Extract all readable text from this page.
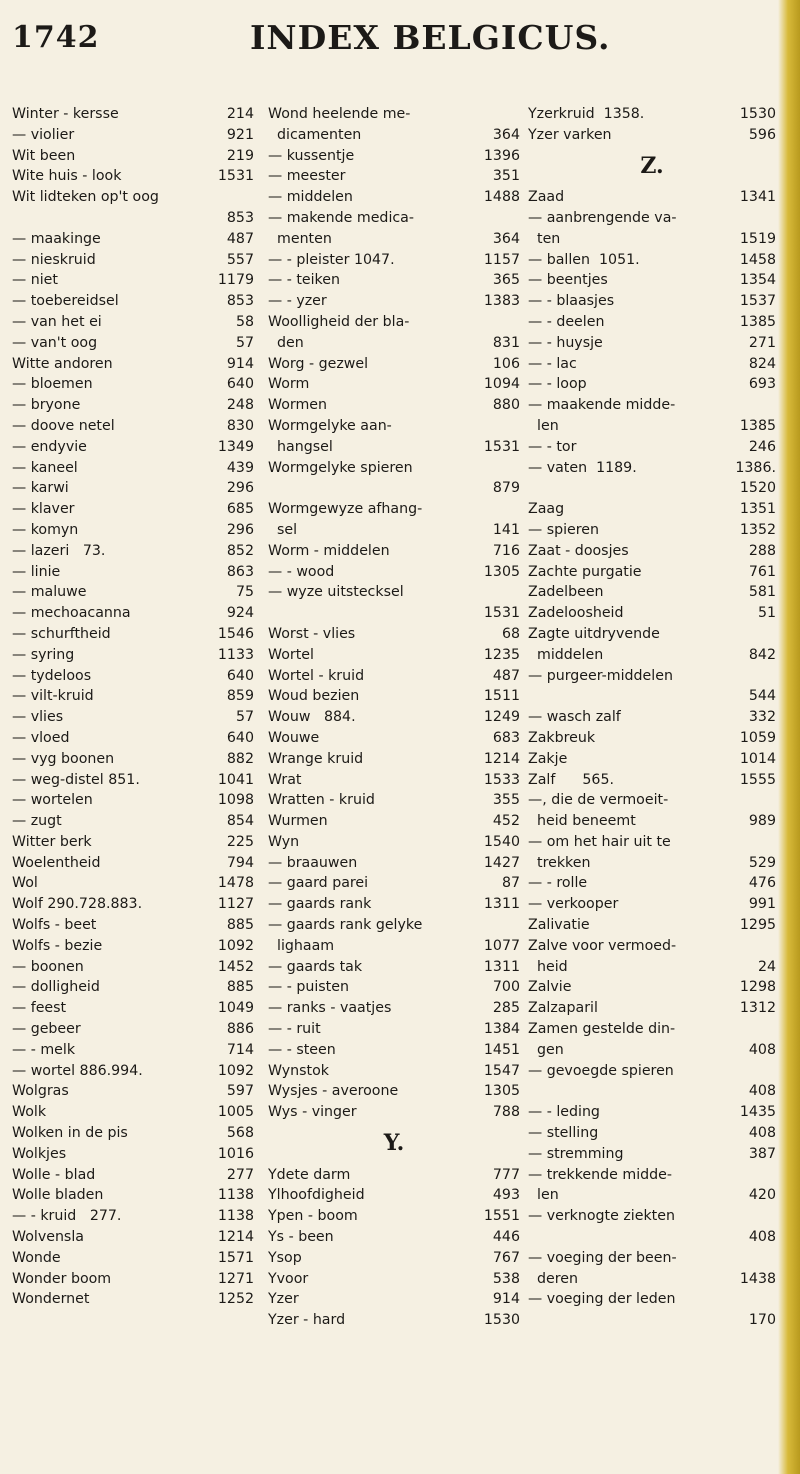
1742	INDEX BELGICUS.
Winter - kersse	214
— violier	921
Wit been	219
Wite huis - look	1531
Wit lidteken op't oog
853
— maakinge	487
— nieskruid	557
— niet	1179
— toebereidsel	853
— van het ei	58
— van't oog	57
Witte andoren	914
— bloemen	640
— bryone	248
— doove netel	830
— endyvie	1349
— kaneel	439
— karwi	296
— klaver	685
— komyn	296
— lazeri   73.	852
— linie	863
— maluwe	75
— mechoacanna	924
— schurftheid	1546
— syring	1133
— tydeloos	640
— vilt-kruid	859
— vlies	57
— vloed	640
— vyg boonen	882
— weg-distel 851.	1041
— wortelen	1098
— zugt	854
Witter berk	225
Woelentheid	794
Wol	1478
Wolf 290.728.883.	1127
Wolfs - beet	885
Wolfs - bezie	1092
— boonen	1452
— dolligheid	885
— feest	1049
— gebeer	886
— - melk	714
— wortel 886.994.	1092
Wolgras	597
Wolk	1005
Wolken in de pis	568
Wolkjes	1016
Wolle - blad	277
Wolle bladen	1138
— - kruid   277.	1138
Wolvensla	1214
Wonde	1571
Wonder boom	1271
Wondernet	1252
Wond heelende me-
dicamenten	364
— kussentje	1396
— meester	351
— middelen	1488
— makende medica-
menten	364
— - pleister 1047.	1157
— - teiken	365
— - yzer	1383
Woolligheid der bla-
den	831
Worg - gezwel	106
Worm	1094
Wormen	880
Wormgelyke aan-
hangsel	1531
Wormgelyke spieren
879
Wormgewyze afhang-
sel	141
Worm - middelen	716
— - wood	1305
— wyze uitstecksel
1531
Worst - vlies	68
Wortel	1235
Wortel - kruid	487
Woud bezien	1511
Wouw   884.	1249
Wouwe	683
Wrange kruid	1214
Wrat	1533
Wratten - kruid	355
Wurmen	452
Wyn	1540
— braauwen	1427
— gaard parei	87
— gaards rank	1311
— gaards rank gelyke
lighaam	1077
— gaards tak	1311
— - puisten	700
— ranks - vaatjes	285
— - ruit	1384
— - steen	1451
Wynstok	1547
Wysjes - averoone	1305
Wys - vinger	788
Y.
Ydete darm	777
Ylhoofdigheid	493
Ypen - boom	1551
Ys - been	446
Ysop	767
Yvoor	538
Yzer	914
Yzer - hard	1530
Yzerkruid  1358.	1530
Yzer varken	596
Z.
Zaad	1341
— aanbrengende va-
ten	1519
— ballen  1051.	1458
— beentjes	1354
— - blaasjes	1537
— - deelen	1385
— - huysje	271
— - lac	824
— - loop	693
— maakende midde-
len	1385
— - tor	246
— vaten  1189.	1386.
1520
Zaag	1351
— spieren	1352
Zaat - doosjes	288
Zachte purgatie	761
Zadelbeen	581
Zadeloosheid	51
Zagte uitdryvende
middelen	842
— purgeer-middelen
544
— wasch zalf	332
Zakbreuk	1059
Zakje	1014
Zalf      565.	1555
—, die de vermoeit-
heid beneemt	989
— om het hair uit te
trekken	529
— - rolle	476
— verkooper	991
Zalivatie	1295
Zalve voor vermoed-
heid	24
Zalvie	1298
Zalzaparil	1312
Zamen gestelde din-
gen	408
— gevoegde spieren
408
— - leding	1435
— stelling	408
— stremming	387
— trekkende midde-
len	420
— verknogte ziekten
408
— voeging der been-
deren	1438
— voeging der leden
170
